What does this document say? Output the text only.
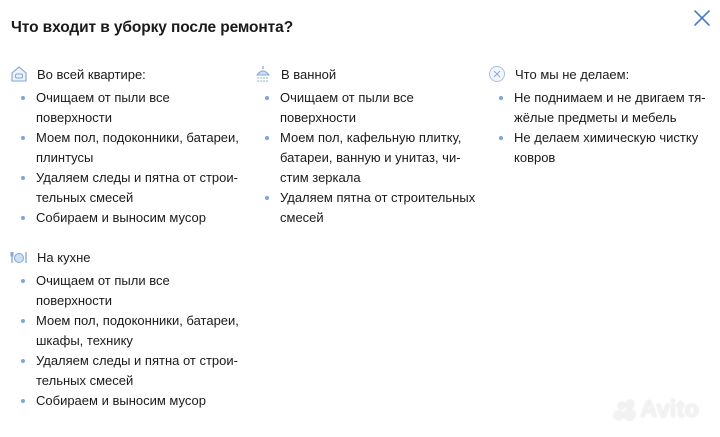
Что входит в уборку после ремонта?
Во всей квартире:
Очищаем от пыли все
поверхности
Моем пол, подоконники, батареи,
плинтусы
Удаляем следы и пятна от строи-
тельных смесей
Собираем и выносим мусор
В ванной
Очищаем от пыли все
поверхности
Моем пол, кафельную плитку,
батареи, ванную и унитаз, чи-
стим зеркала
Удаляем пятна от строительных
смесей
Что мы не делаем:
Не поднимаем и не двигаем тя-
жёлые предметы и мебель
Не делаем химическую чистку
ковров
На кухне
Очищаем от пыли все
поверхности
Моем пол, подоконники, батареи,
шкафы, технику
Удаляем следы и пятна от строи-
тельных смесей
Собираем и выносим мусор	Avito
